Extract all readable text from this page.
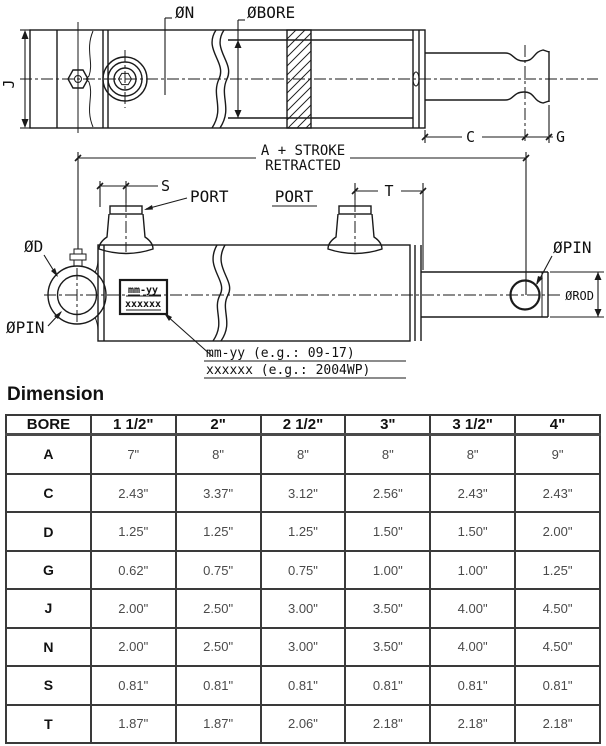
J
ØN	ØBORE
C	G
A + STROKE
RETRACTED
mm-yy
xxxxxx
S
PORT	PORT	T
ØD
ØPIN
ØPIN
ØROD
mm-yy (e.g.: 09-17)
xxxxxx (e.g.: 2004WP)
Dimension
BORE	1 1/2"	2"	2 1/2"	3"	3 1/2"	4"
A	7"	8"	8"	8"	8"	9"
C	2.43"	3.37"	3.12"	2.56"	2.43"	2.43"
D	1.25"	1.25"	1.25"	1.50"	1.50"	2.00"
G	0.62"	0.75"	0.75"	1.00"	1.00"	1.25"
J	2.00"	2.50"	3.00"	3.50"	4.00"	4.50"
N	2.00"	2.50"	3.00"	3.50"	4.00"	4.50"
S	0.81"	0.81"	0.81"	0.81"	0.81"	0.81"
T	1.87"	1.87"	2.06"	2.18"	2.18"	2.18"
